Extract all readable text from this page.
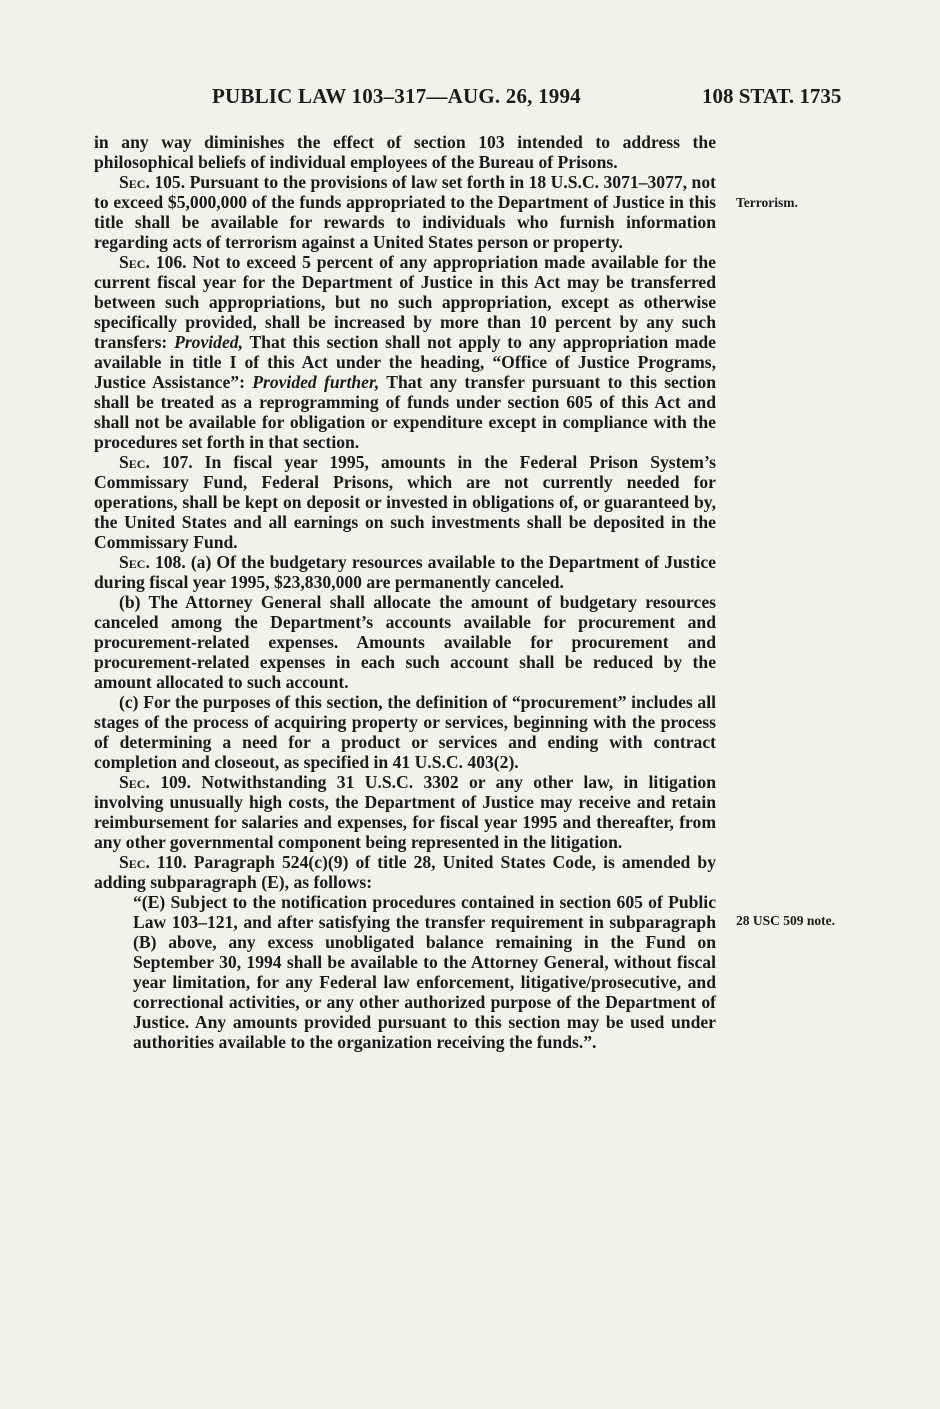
PUBLIC LAW 103–317—AUG. 26, 1994	108 STAT. 1735
Terrorism.
28 USC 509 note.

in any way diminishes the effect of section 103 intended to address the philosophical beliefs of individual employees of the Bureau of Prisons.

Sec. 105. Pursuant to the provisions of law set forth in 18 U.S.C. 3071–3077, not to exceed $5,000,000 of the funds appropriated to the Department of Justice in this title shall be available for rewards to individuals who furnish information regarding acts of terrorism against a United States person or property.

Sec. 106. Not to exceed 5 percent of any appropriation made available for the current fiscal year for the Department of Justice in this Act may be transferred between such appropriations, but no such appropriation, except as otherwise specifically provided, shall be increased by more than 10 percent by any such transfers: Provided, That this section shall not apply to any appropriation made available in title I of this Act under the heading, “Office of Justice Programs, Justice Assistance”: Provided further, That any transfer pursuant to this section shall be treated as a reprogramming of funds under section 605 of this Act and shall not be available for obligation or expenditure except in compliance with the procedures set forth in that section.

Sec. 107. In fiscal year 1995, amounts in the Federal Prison System’s Commissary Fund, Federal Prisons, which are not currently needed for operations, shall be kept on deposit or invested in obligations of, or guaranteed by, the United States and all earnings on such investments shall be deposited in the Commissary Fund.

Sec. 108. (a) Of the budgetary resources available to the Department of Justice during fiscal year 1995, $23,830,000 are permanently canceled.

(b) The Attorney General shall allocate the amount of budgetary resources canceled among the Department’s accounts available for procurement and procurement-related expenses. Amounts available for procurement and procurement-related expenses in each such account shall be reduced by the amount allocated to such account.

(c) For the purposes of this section, the definition of “procurement” includes all stages of the process of acquiring property or services, beginning with the process of determining a need for a product or services and ending with contract completion and closeout, as specified in 41 U.S.C. 403(2).

Sec. 109. Notwithstanding 31 U.S.C. 3302 or any other law, in litigation involving unusually high costs, the Department of Justice may receive and retain reimbursement for salaries and expenses, for fiscal year 1995 and thereafter, from any other governmental component being represented in the litigation.

Sec. 110. Paragraph 524(c)(9) of title 28, United States Code, is amended by adding subparagraph (E), as follows:

“(E) Subject to the notification procedures contained in section 605 of Public Law 103–121, and after satisfying the transfer requirement in subparagraph (B) above, any excess unobligated balance remaining in the Fund on September 30, 1994 shall be available to the Attorney General, without fiscal year limitation, for any Federal law enforcement, litigative/prosecutive, and correctional activities, or any other authorized purpose of the Department of Justice. Any amounts provided pursuant to this section may be used under authorities available to the organization receiving the funds.”.
